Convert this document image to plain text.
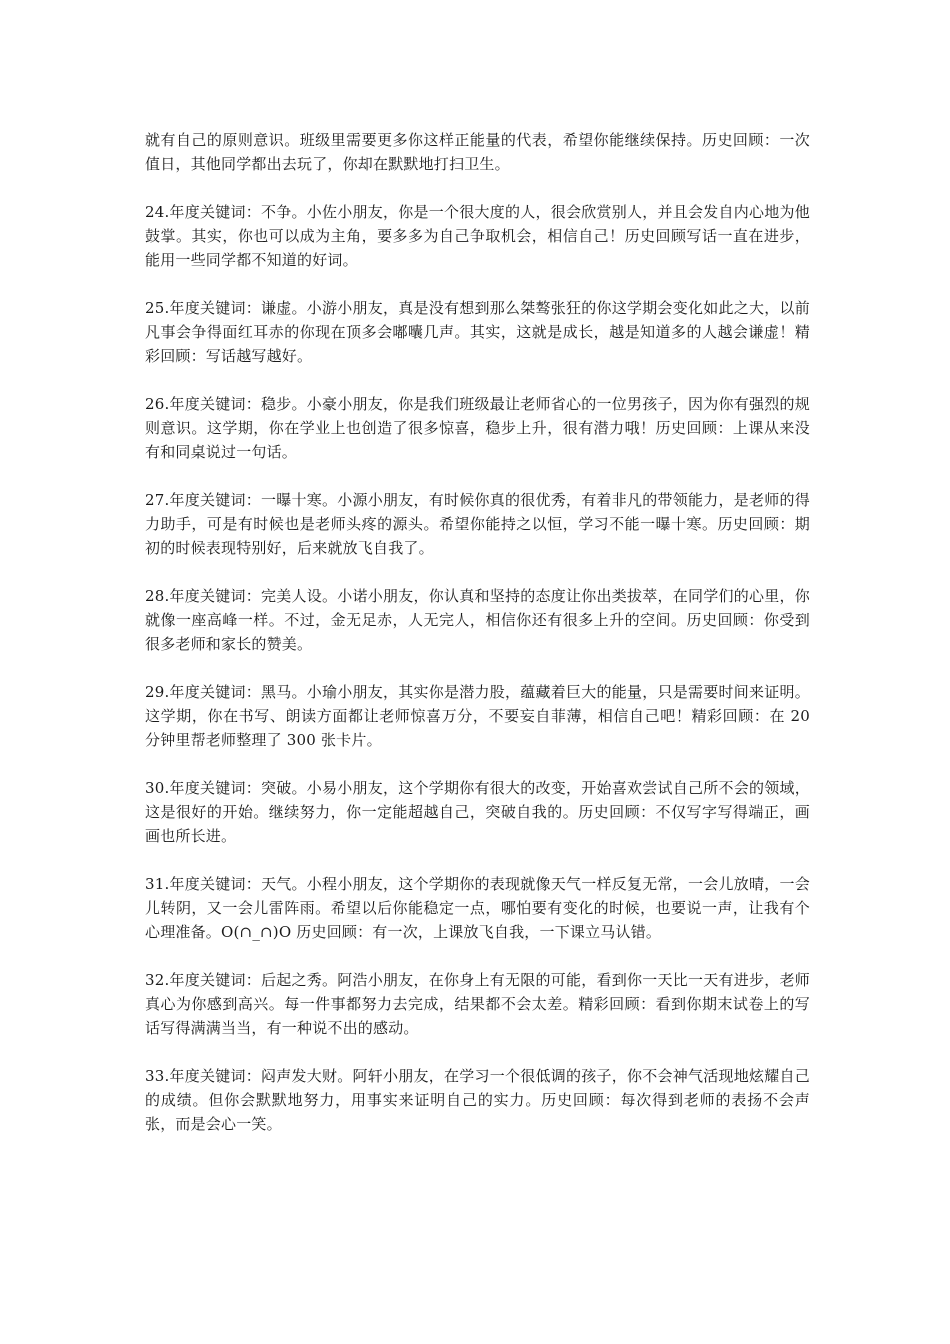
就有自己的原则意识。班级里需要更多你这样正能量的代表，希望你能继续保持。历史回顾：一次值日，其他同学都出去玩了，你却在默默地打扫卫生。

24.年度关键词：不争。小佐小朋友，你是一个很大度的人，很会欣赏别人，并且会发自内心地为他鼓掌。其实，你也可以成为主角，要多多为自己争取机会，相信自己！历史回顾写话一直在进步，能用一些同学都不知道的好词。

25.年度关键词：谦虚。小游小朋友，真是没有想到那么桀骜张狂的你这学期会变化如此之大，以前凡事会争得面红耳赤的你现在顶多会嘟囔几声。其实，这就是成长，越是知道多的人越会谦虚！精彩回顾：写话越写越好。

26.年度关键词：稳步。小豪小朋友，你是我们班级最让老师省心的一位男孩子，因为你有强烈的规则意识。这学期，你在学业上也创造了很多惊喜，稳步上升，很有潜力哦！历史回顾：上课从来没有和同桌说过一句话。

27.年度关键词：一曝十寒。小源小朋友，有时候你真的很优秀，有着非凡的带领能力，是老师的得力助手，可是有时候也是老师头疼的源头。希望你能持之以恒，学习不能一曝十寒。历史回顾：期初的时候表现特别好，后来就放飞自我了。

28.年度关键词：完美人设。小诺小朋友，你认真和坚持的态度让你出类拔萃，在同学们的心里，你就像一座高峰一样。不过，金无足赤，人无完人，相信你还有很多上升的空间。历史回顾：你受到很多老师和家长的赞美。

29.年度关键词：黑马。小瑜小朋友，其实你是潜力股，蕴藏着巨大的能量，只是需要时间来证明。这学期，你在书写、朗读方面都让老师惊喜万分，不要妄自菲薄，相信自己吧！精彩回顾：在 20 分钟里帮老师整理了 300 张卡片。

30.年度关键词：突破。小易小朋友，这个学期你有很大的改变，开始喜欢尝试自己所不会的领域，这是很好的开始。继续努力，你一定能超越自己，突破自我的。历史回顾：不仅写字写得端正，画画也所长进。

31.年度关键词：天气。小程小朋友，这个学期你的表现就像天气一样反复无常，一会儿放晴，一会儿转阴，又一会儿雷阵雨。希望以后你能稳定一点，哪怕要有变化的时候，也要说一声，让我有个心理准备。O(∩_∩)O 历史回顾：有一次，上课放飞自我，一下课立马认错。

32.年度关键词：后起之秀。阿浩小朋友，在你身上有无限的可能，看到你一天比一天有进步，老师真心为你感到高兴。每一件事都努力去完成，结果都不会太差。精彩回顾：看到你期末试卷上的写话写得满满当当，有一种说不出的感动。

33.年度关键词：闷声发大财。阿轩小朋友，在学习一个很低调的孩子，你不会神气活现地炫耀自己的成绩。但你会默默地努力，用事实来证明自己的实力。历史回顾：每次得到老师的表扬不会声张，而是会心一笑。
